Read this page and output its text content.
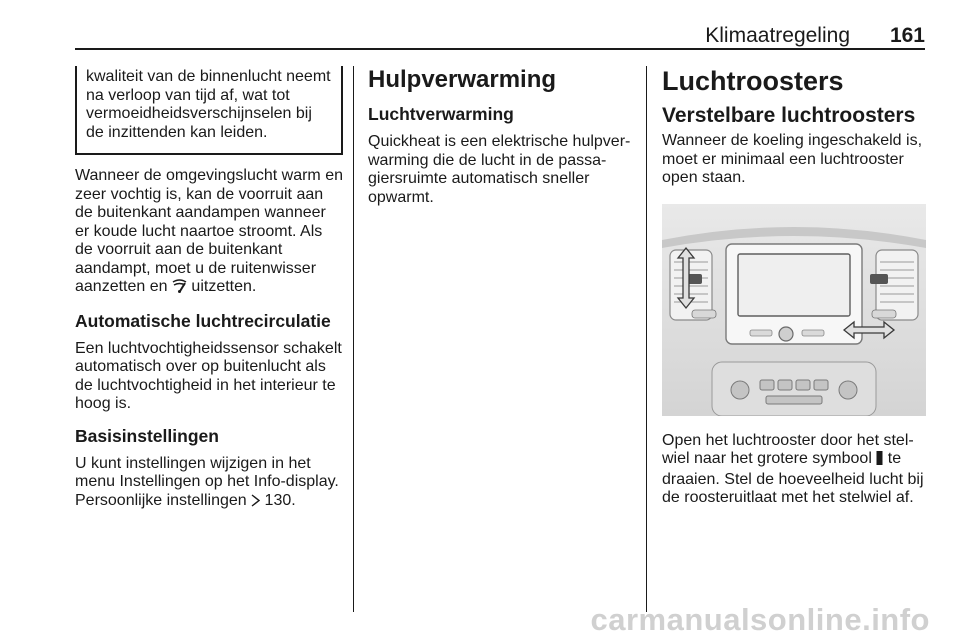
Klimaatregeling 161

kwaliteit van de binnenlucht neemt na verloop van tijd af, wat tot vermoeidheidsverschijnselen bij de inzittenden kan leiden.

Wanneer de omgevingslucht warm en zeer vochtig is, kan de voorruit aan de buitenkant aandampen wanneer er koude lucht naartoe stroomt. Als de voorruit aan de buitenkant aandampt, moet u de ruitenwisser aanzetten en  uitzetten.

Automatische luchtrecirculatie

Een luchtvochtigheidssensor schakelt automatisch over op buitenlucht als de luchtvochtigheid in het interieur te hoog is.

Basisinstellingen

U kunt instellingen wijzigen in het menu Instellingen op het Info-display. Persoonlijke instellingen  130.

Hulpverwarming
Luchtverwarming

Quickheat is een elektrische hulpverwarming die de lucht in de passagiersruimte automatisch sneller opwarmt.

Luchtroosters
Verstelbare luchtroosters

Wanneer de koeling ingeschakeld is, moet er minimaal een luchtrooster open staan.

Open het luchtrooster door het stelwiel naar het grotere symbool  te draaien. Stel de hoeveelheid lucht bij de roosteruitlaat met het stelwiel af.

carmanualsonline.info
